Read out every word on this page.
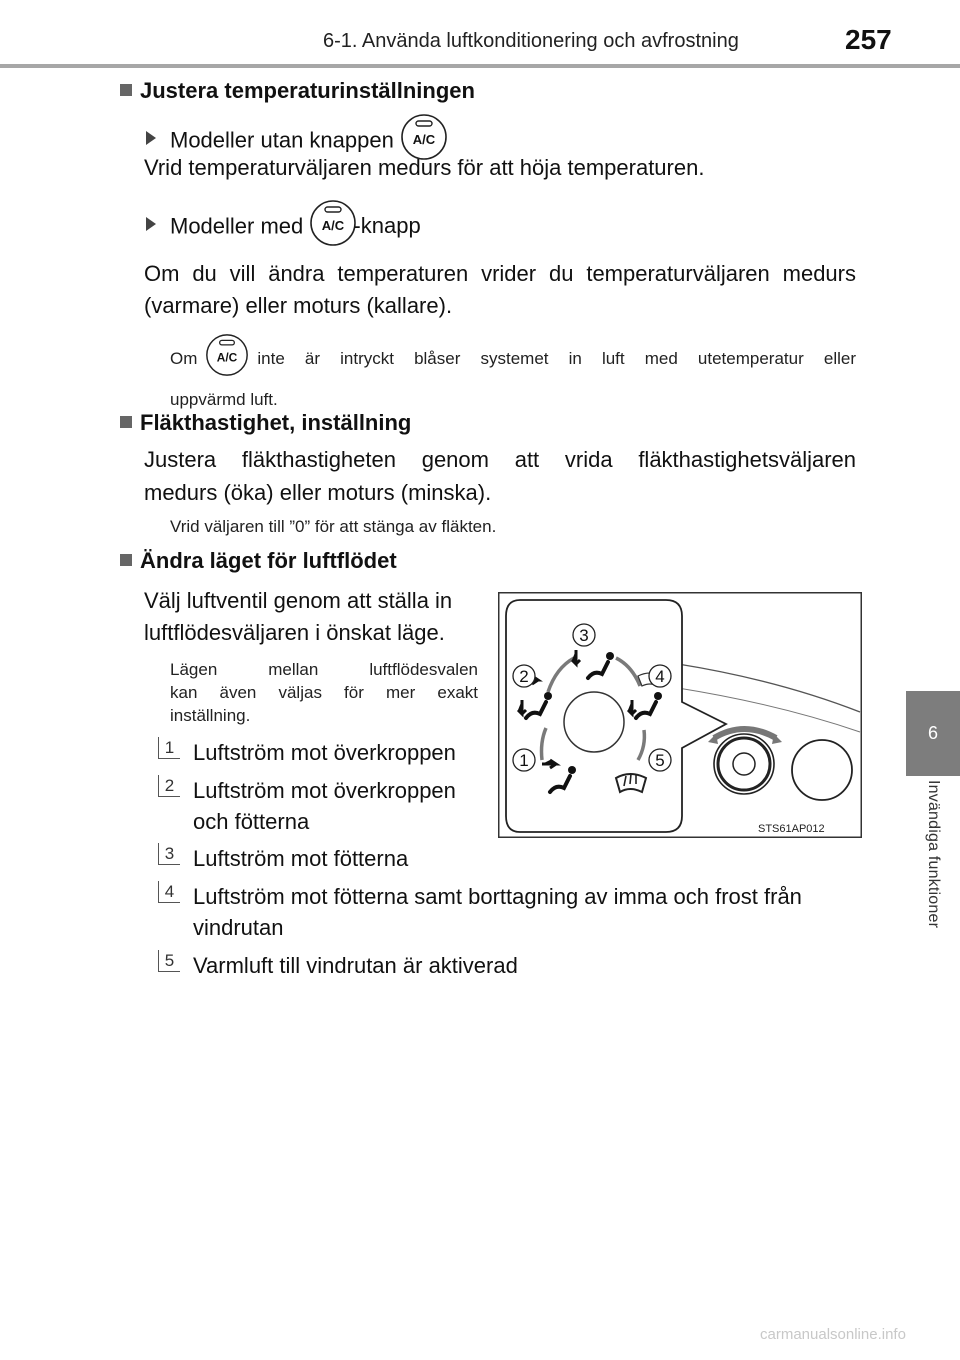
6-1. Använda luftkonditionering och avfrostning	257
6
Invändiga funktioner
Justera temperaturinställningen
Modeller utan knappen A/C
Vrid temperaturväljaren medurs för att höja temperaturen.
Modeller med A/C -knapp
Om du vill ändra temperaturen vrider du temperaturväljaren medurs (varmare) eller moturs (kallare).
Om A/C inte är intryckt blåser systemet in luft med utetemperatur eller
uppvärmd luft.
Fläkthastighet, inställning
Justera fläkthastigheten genom att vrida fläkthastighetsväljaren
medurs (öka) eller moturs (minska).
Vrid väljaren till ”0” för att stänga av fläkten.
Ändra läget för luftflödet
Välj luftventil genom att ställa in
luftflödesväljaren i önskat läge.
Lägen mellan luftflödesvalen
kan även väljas för mer exakt
inställning.
1 Luftström mot överkroppen
2 Luftström mot överkroppen
och fötterna
3 Luftström mot fötterna
4 Luftström mot fötterna samt borttagning av imma och frost från
vindrutan
5 Varmluft till vindrutan är aktiverad
1
2
3
4
5
STS61AP012
carmanualsonline.info
